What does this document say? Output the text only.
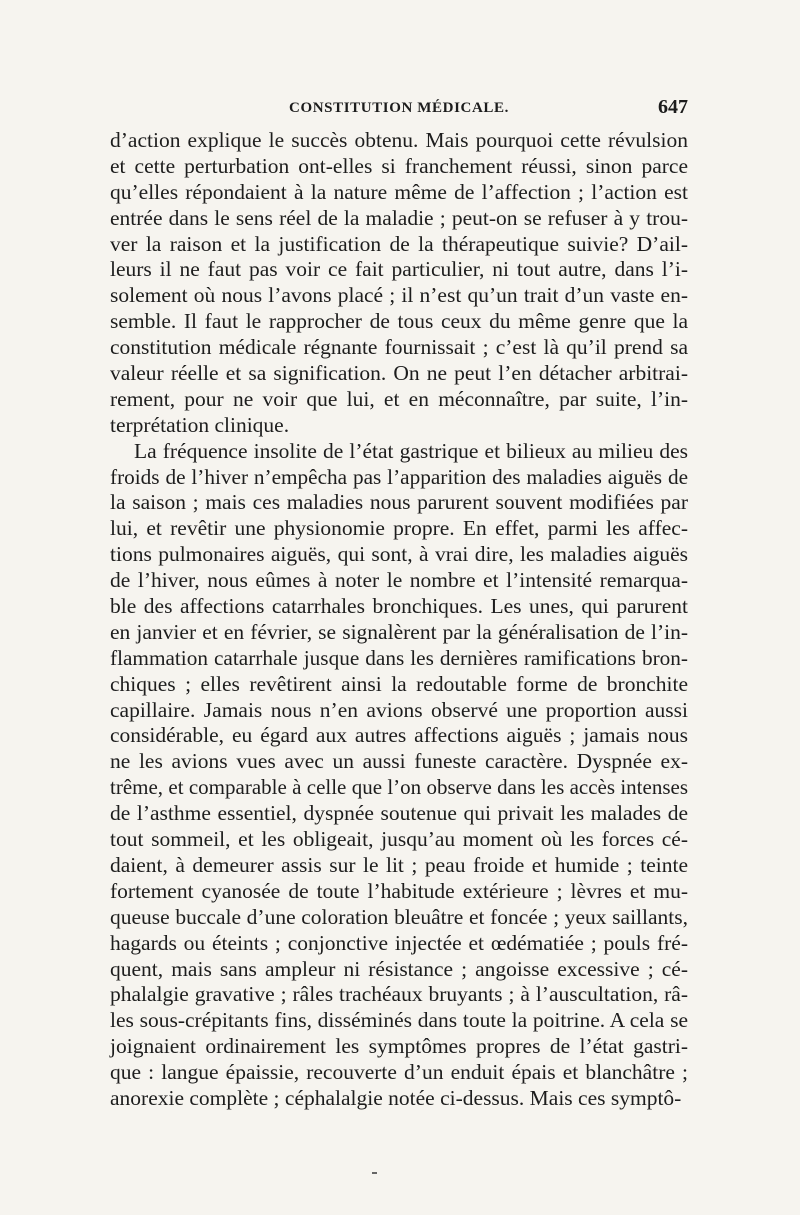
CONSTITUTION MÉDICALE.	647
d’action explique le succès obtenu. Mais pourquoi cette révulsion
et cette perturbation ont-elles si franchement réussi, sinon parce
qu’elles répondaient à la nature même de l’affection ; l’action est
entrée dans le sens réel de la maladie ; peut-on se refuser à y trou-
ver la raison et la justification de la thérapeutique suivie? D’ail-
leurs il ne faut pas voir ce fait particulier, ni tout autre, dans l’i-
solement où nous l’avons placé ; il n’est qu’un trait d’un vaste en-
semble. Il faut le rapprocher de tous ceux du même genre que la
constitution médicale régnante fournissait ; c’est là qu’il prend sa
valeur réelle et sa signification. On ne peut l’en détacher arbitrai-
rement, pour ne voir que lui, et en méconnaître, par suite, l’in-
terprétation clinique.
La fréquence insolite de l’état gastrique et bilieux au milieu des
froids de l’hiver n’empêcha pas l’apparition des maladies aiguës de
la saison ; mais ces maladies nous parurent souvent modifiées par
lui, et revêtir une physionomie propre. En effet, parmi les affec-
tions pulmonaires aiguës, qui sont, à vrai dire, les maladies aiguës
de l’hiver, nous eûmes à noter le nombre et l’intensité remarqua-
ble des affections catarrhales bronchiques. Les unes, qui parurent
en janvier et en février, se signalèrent par la généralisation de l’in-
flammation catarrhale jusque dans les dernières ramifications bron-
chiques ; elles revêtirent ainsi la redoutable forme de bronchite
capillaire. Jamais nous n’en avions observé une proportion aussi
considérable, eu égard aux autres affections aiguës ; jamais nous
ne les avions vues avec un aussi funeste caractère. Dyspnée ex-
trême, et comparable à celle que l’on observe dans les accès intenses
de l’asthme essentiel, dyspnée soutenue qui privait les malades de
tout sommeil, et les obligeait, jusqu’au moment où les forces cé-
daient, à demeurer assis sur le lit ; peau froide et humide ; teinte
fortement cyanosée de toute l’habitude extérieure ; lèvres et mu-
queuse buccale d’une coloration bleuâtre et foncée ; yeux saillants,
hagards ou éteints ; conjonctive injectée et œdématiée ; pouls fré-
quent, mais sans ampleur ni résistance ; angoisse excessive ; cé-
phalalgie gravative ; râles trachéaux bruyants ; à l’auscultation, râ-
les sous-crépitants fins, disséminés dans toute la poitrine. A cela se
joignaient ordinairement les symptômes propres de l’état gastri-
que : langue épaissie, recouverte d’un enduit épais et blanchâtre ;
anorexie complète ; céphalalgie notée ci-dessus. Mais ces symptô-
